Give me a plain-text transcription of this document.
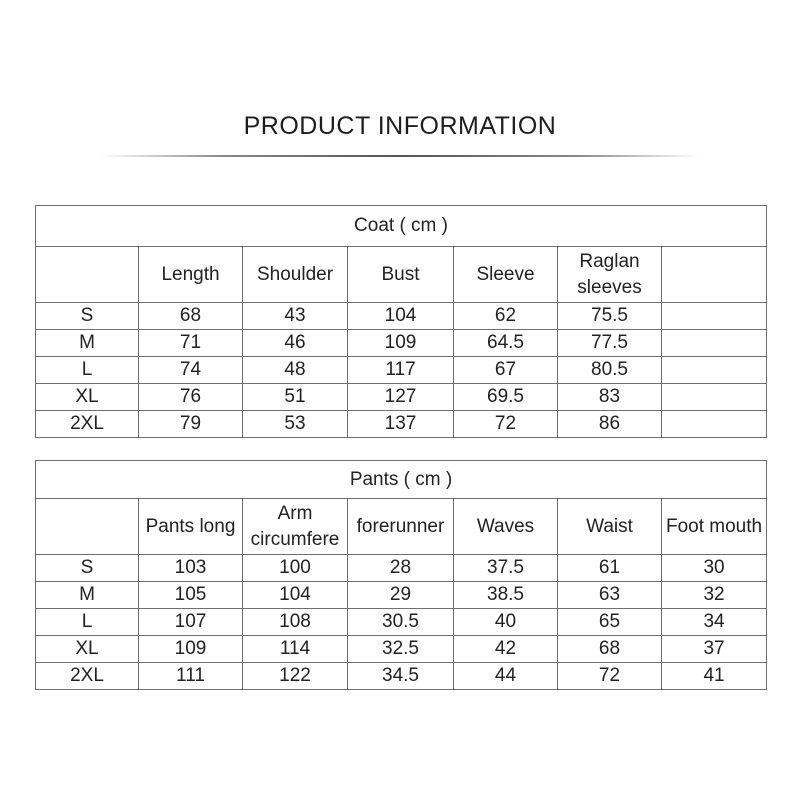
PRODUCT INFORMATION
Coat ( cm )						
	Length	Shoulder	Bust	Sleeve	Raglan sleeves	
S	68	43	104	62	75.5	
M	71	46	109	64.5	77.5	
L	74	48	117	67	80.5	
XL	76	51	127	69.5	83	
2XL	79	53	137	72	86	
Pants ( cm )						
	Pants long	Arm circumfere	forerunner	Waves	Waist	Foot mouth
S	103	100	28	37.5	61	30
M	105	104	29	38.5	63	32
L	107	108	30.5	40	65	34
XL	109	114	32.5	42	68	37
2XL	111	122	34.5	44	72	41
